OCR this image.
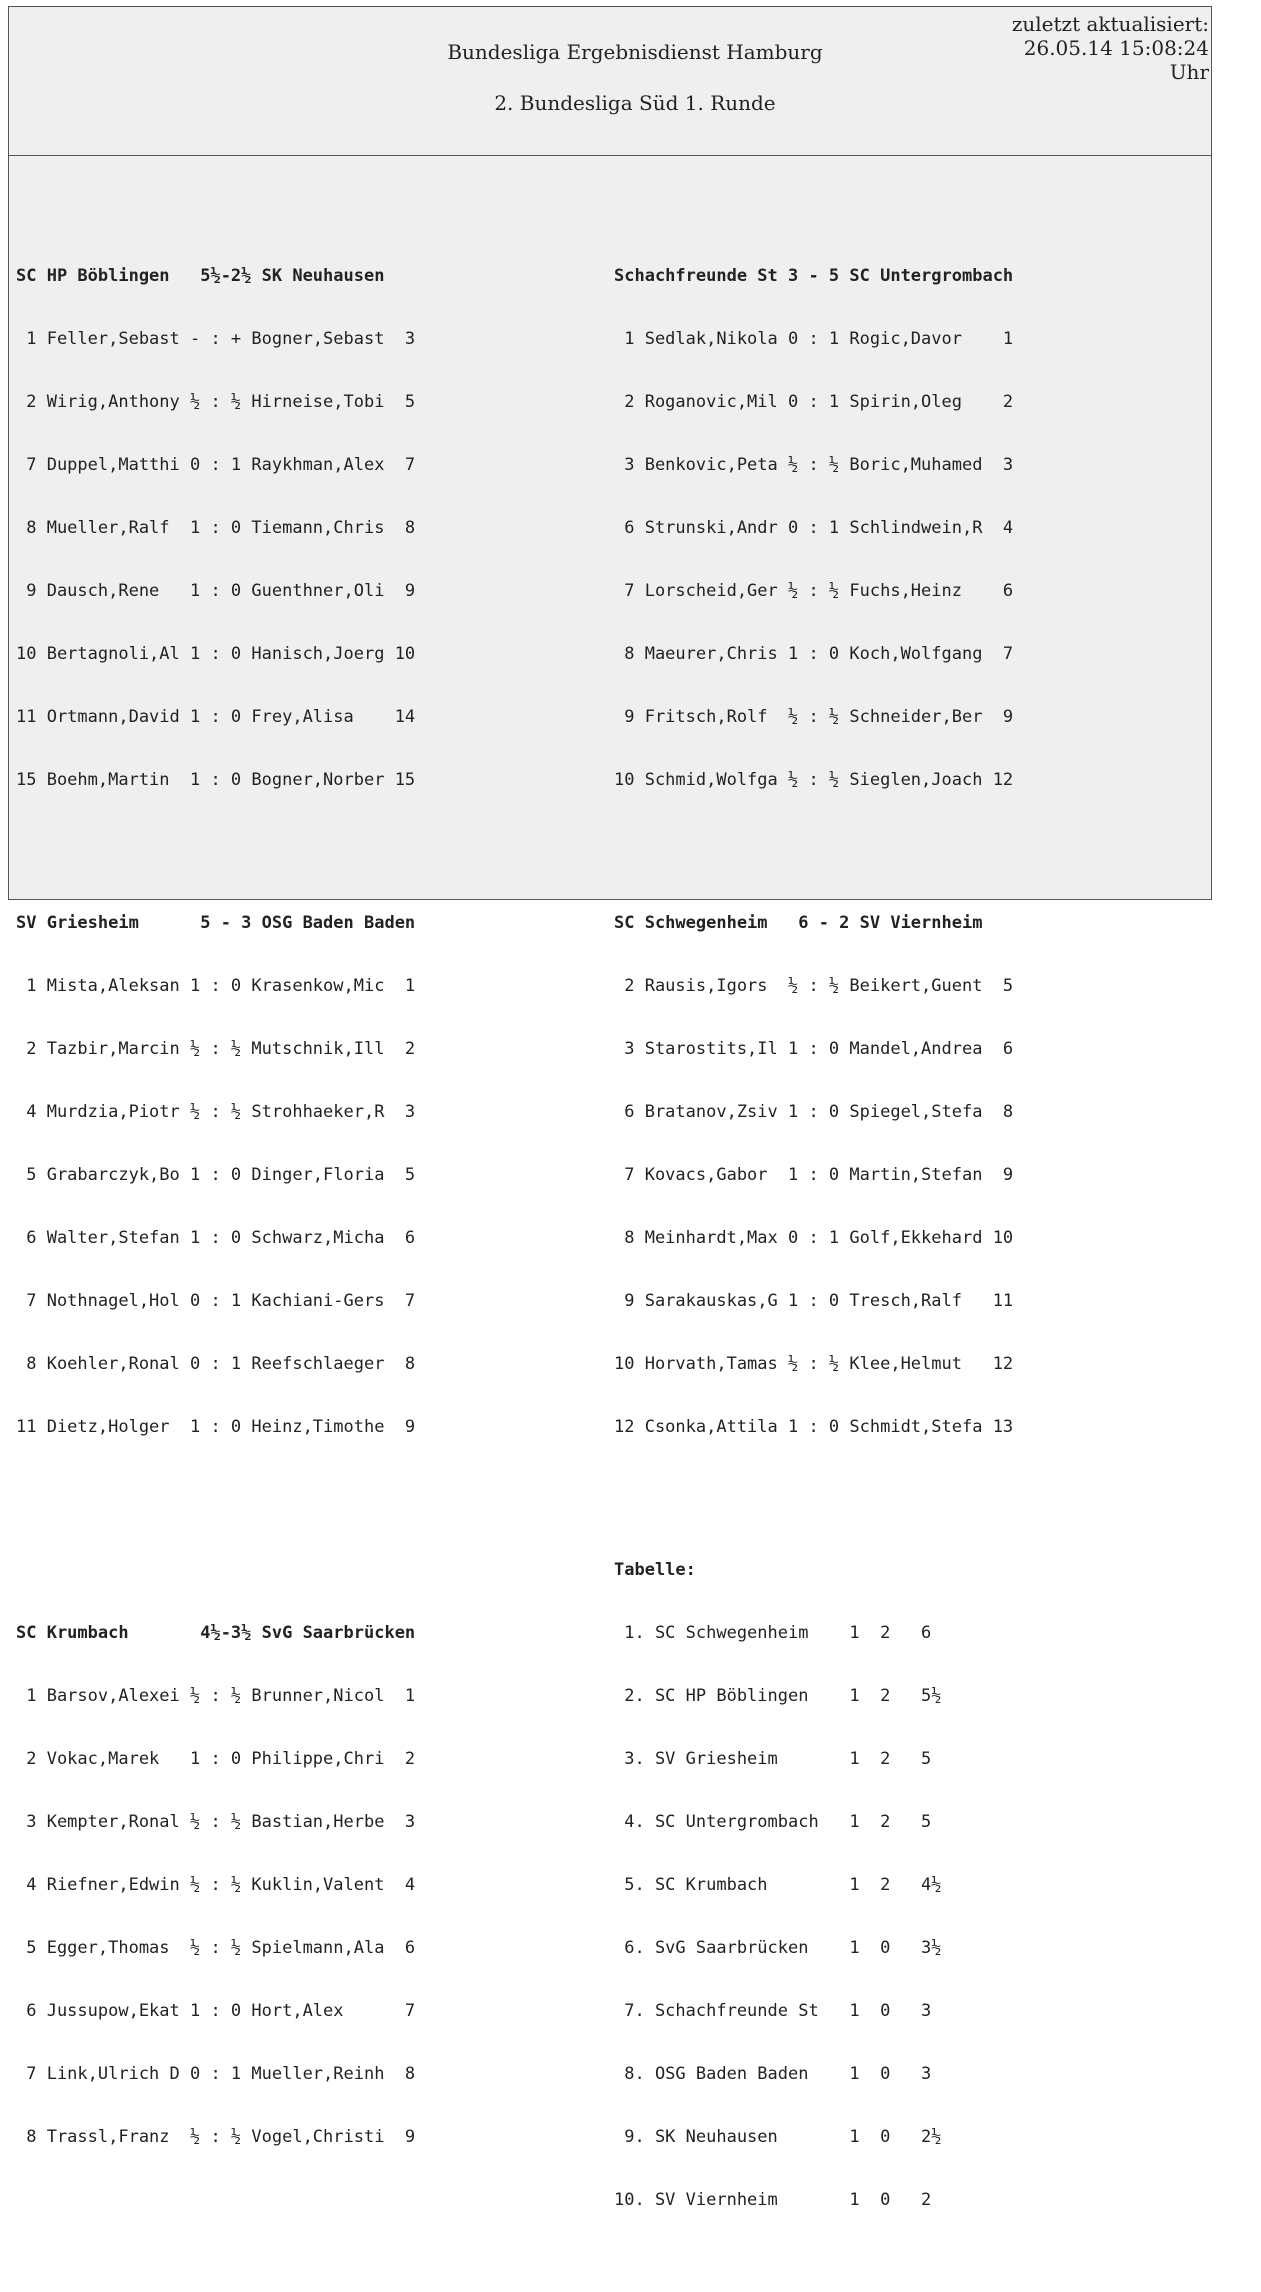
Bundesliga Ergebnisdienst Hamburg
2. Bundesliga Süd 1. Runde
zuletzt aktualisiert:
26.05.14 15:08:24
Uhr

SC HP Böblingen   5½-2½ SK Neuhausen

1 Feller,Sebast - : + Bogner,Sebast  3

2 Wirig,Anthony ½ : ½ Hirneise,Tobi  5

7 Duppel,Matthi 0 : 1 Raykhman,Alex  7

8 Mueller,Ralf  1 : 0 Tiemann,Chris  8

9 Dausch,Rene   1 : 0 Guenthner,Oli  9

10 Bertagnoli,Al 1 : 0 Hanisch,Joerg 10

11 Ortmann,David 1 : 0 Frey,Alisa    14

15 Boehm,Martin  1 : 0 Bogner,Norber 15

SV Griesheim      5 - 3 OSG Baden Baden

1 Mista,Aleksan 1 : 0 Krasenkow,Mic  1

2 Tazbir,Marcin ½ : ½ Mutschnik,Ill  2

4 Murdzia,Piotr ½ : ½ Strohhaeker,R  3

5 Grabarczyk,Bo 1 : 0 Dinger,Floria  5

6 Walter,Stefan 1 : 0 Schwarz,Micha  6

7 Nothnagel,Hol 0 : 1 Kachiani-Gers  7

8 Koehler,Ronal 0 : 1 Reefschlaeger  8

11 Dietz,Holger  1 : 0 Heinz,Timothe  9

SC Krumbach       4½-3½ SvG Saarbrücken

1 Barsov,Alexei ½ : ½ Brunner,Nicol  1

2 Vokac,Marek   1 : 0 Philippe,Chri  2

3 Kempter,Ronal ½ : ½ Bastian,Herbe  3

4 Riefner,Edwin ½ : ½ Kuklin,Valent  4

5 Egger,Thomas  ½ : ½ Spielmann,Ala  6

6 Jussupow,Ekat 1 : 0 Hort,Alex      7

7 Link,Ulrich D 0 : 1 Mueller,Reinh  8

8 Trassl,Franz  ½ : ½ Vogel,Christi  9

Schachfreunde St 3 - 5 SC Untergrombach

1 Sedlak,Nikola 0 : 1 Rogic,Davor    1

2 Roganovic,Mil 0 : 1 Spirin,Oleg    2

3 Benkovic,Peta ½ : ½ Boric,Muhamed  3

6 Strunski,Andr 0 : 1 Schlindwein,R  4

7 Lorscheid,Ger ½ : ½ Fuchs,Heinz    6

8 Maeurer,Chris 1 : 0 Koch,Wolfgang  7

9 Fritsch,Rolf  ½ : ½ Schneider,Ber  9

10 Schmid,Wolfga ½ : ½ Sieglen,Joach 12

SC Schwegenheim   6 - 2 SV Viernheim

2 Rausis,Igors  ½ : ½ Beikert,Guent  5

3 Starostits,Il 1 : 0 Mandel,Andrea  6

6 Bratanov,Zsiv 1 : 0 Spiegel,Stefa  8

7 Kovacs,Gabor  1 : 0 Martin,Stefan  9

8 Meinhardt,Max 0 : 1 Golf,Ekkehard 10

9 Sarakauskas,G 1 : 0 Tresch,Ralf   11

10 Horvath,Tamas ½ : ½ Klee,Helmut   12

12 Csonka,Attila 1 : 0 Schmidt,Stefa 13

Tabelle:

1. SC Schwegenheim    1  2   6

2. SC HP Böblingen    1  2   5½

3. SV Griesheim       1  2   5

4. SC Untergrombach   1  2   5

5. SC Krumbach        1  2   4½

6. SvG Saarbrücken    1  0   3½

7. Schachfreunde St   1  0   3

8. OSG Baden Baden    1  0   3

9. SK Neuhausen       1  0   2½

10. SV Viernheim       1  0   2
